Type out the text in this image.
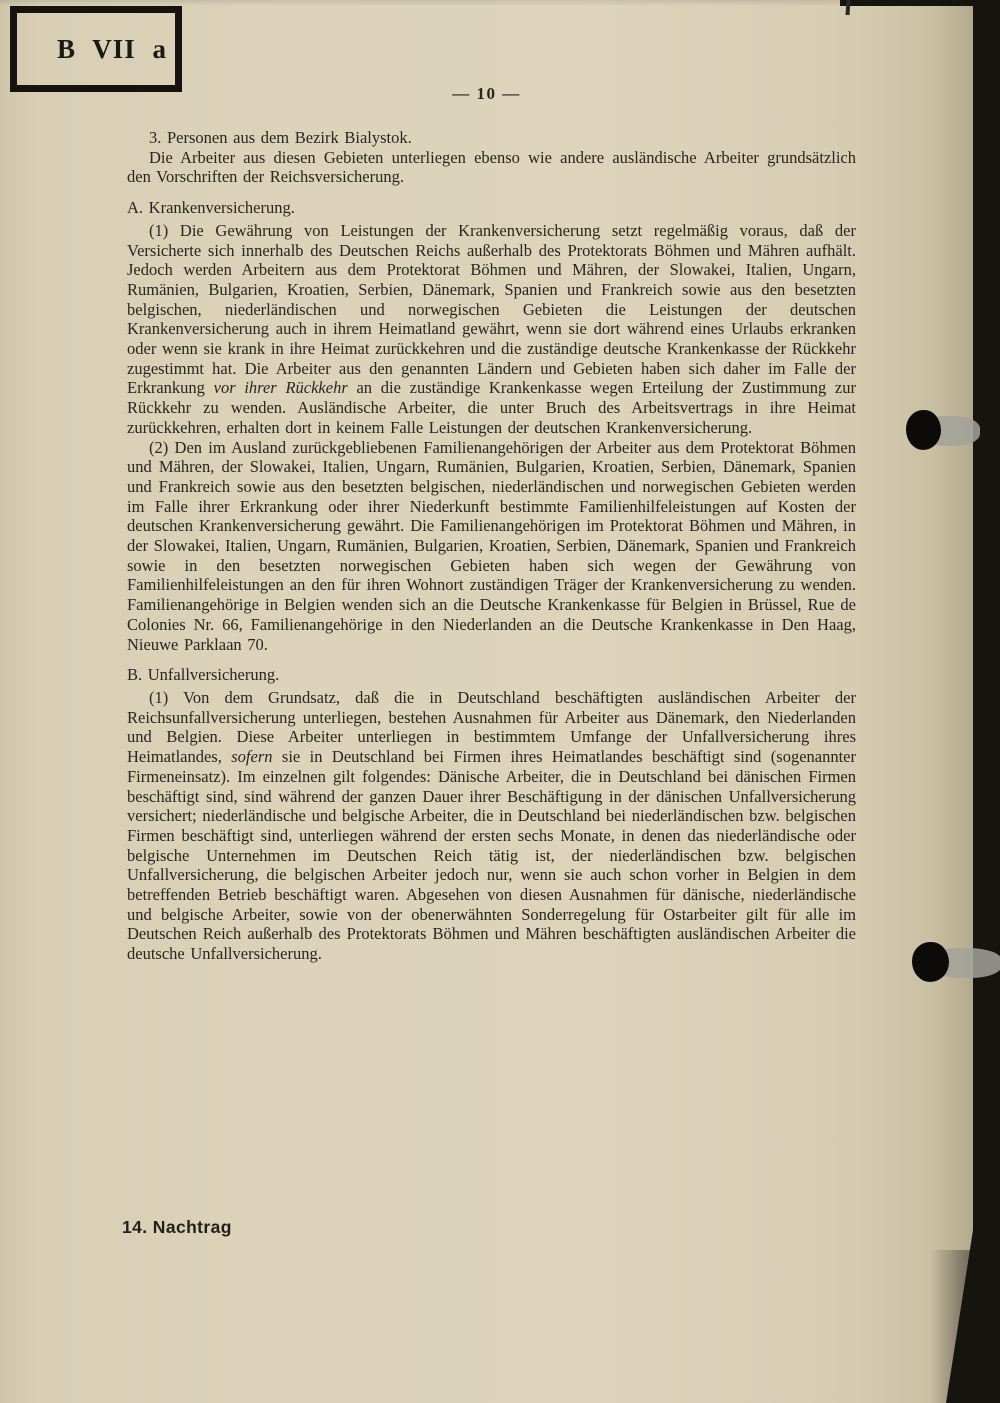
B VII a
— 10 —

3. Personen aus dem Bezirk Bialystok.

Die Arbeiter aus diesen Gebieten unterliegen ebenso wie andere ausländische Arbeiter grundsätzlich den Vorschriften der Reichsversicherung.

A. Krankenversicherung.

(1) Die Gewährung von Leistungen der Krankenversicherung setzt regelmäßig voraus, daß der Versicherte sich innerhalb des Deutschen Reichs außerhalb des Protektorats Böhmen und Mähren aufhält. Jedoch werden Arbeitern aus dem Protektorat Böhmen und Mähren, der Slowakei, Italien, Ungarn, Rumänien, Bulgarien, Kroatien, Serbien, Dänemark, Spanien und Frankreich sowie aus den besetzten belgischen, niederländischen und norwegischen Gebieten die Leistungen der deutschen Krankenversicherung auch in ihrem Heimatland gewährt, wenn sie dort während eines Urlaubs erkranken oder wenn sie krank in ihre Heimat zurückkehren und die zuständige deutsche Krankenkasse der Rückkehr zugestimmt hat. Die Arbeiter aus den genannten Ländern und Gebieten haben sich daher im Falle der Erkrankung vor ihrer Rückkehr an die zuständige Krankenkasse wegen Erteilung der Zustimmung zur Rückkehr zu wenden. Ausländische Arbeiter, die unter Bruch des Arbeitsvertrags in ihre Heimat zurückkehren, erhalten dort in keinem Falle Leistungen der deutschen Krankenversicherung.

(2) Den im Ausland zurückgebliebenen Familienangehörigen der Arbeiter aus dem Protektorat Böhmen und Mähren, der Slowakei, Italien, Ungarn, Rumänien, Bulgarien, Kroatien, Serbien, Dänemark, Spanien und Frankreich sowie aus den besetzten belgischen, niederländischen und norwegischen Gebieten werden im Falle ihrer Erkrankung oder ihrer Niederkunft bestimmte Familienhilfeleistungen auf Kosten der deutschen Krankenversicherung gewährt. Die Familienangehörigen im Protektorat Böhmen und Mähren, in der Slowakei, Italien, Ungarn, Rumänien, Bulgarien, Kroatien, Serbien, Dänemark, Spanien und Frankreich sowie in den besetzten norwegischen Gebieten haben sich wegen der Gewährung von Familienhilfeleistungen an den für ihren Wohnort zuständigen Träger der Krankenversicherung zu wenden. Familienangehörige in Belgien wenden sich an die Deutsche Krankenkasse für Belgien in Brüssel, Rue de Colonies Nr. 66, Familienangehörige in den Niederlanden an die Deutsche Krankenkasse in Den Haag, Nieuwe Parklaan 70.

B. Unfallversicherung.

(1) Von dem Grundsatz, daß die in Deutschland beschäftigten ausländischen Arbeiter der Reichsunfallversicherung unterliegen, bestehen Ausnahmen für Arbeiter aus Dänemark, den Niederlanden und Belgien. Diese Arbeiter unterliegen in bestimmtem Umfange der Unfallversicherung ihres Heimatlandes, sofern sie in Deutschland bei Firmen ihres Heimatlandes beschäftigt sind (sogenannter Firmeneinsatz). Im einzelnen gilt folgendes: Dänische Arbeiter, die in Deutschland bei dänischen Firmen beschäftigt sind, sind während der ganzen Dauer ihrer Beschäftigung in der dänischen Unfallversicherung versichert; niederländische und belgische Arbeiter, die in Deutschland bei niederländischen bzw. belgischen Firmen beschäftigt sind, unterliegen während der ersten sechs Monate, in denen das niederländische oder belgische Unternehmen im Deutschen Reich tätig ist, der niederländischen bzw. belgischen Unfallversicherung, die belgischen Arbeiter jedoch nur, wenn sie auch schon vorher in Belgien in dem betreffenden Betrieb beschäftigt waren. Abgesehen von diesen Ausnahmen für dänische, niederländische und belgische Arbeiter, sowie von der obenerwähnten Sonderregelung für Ostarbeiter gilt für alle im Deutschen Reich außerhalb des Protektorats Böhmen und Mähren beschäftigten ausländischen Arbeiter die deutsche Unfallversicherung.

14. Nachtrag
